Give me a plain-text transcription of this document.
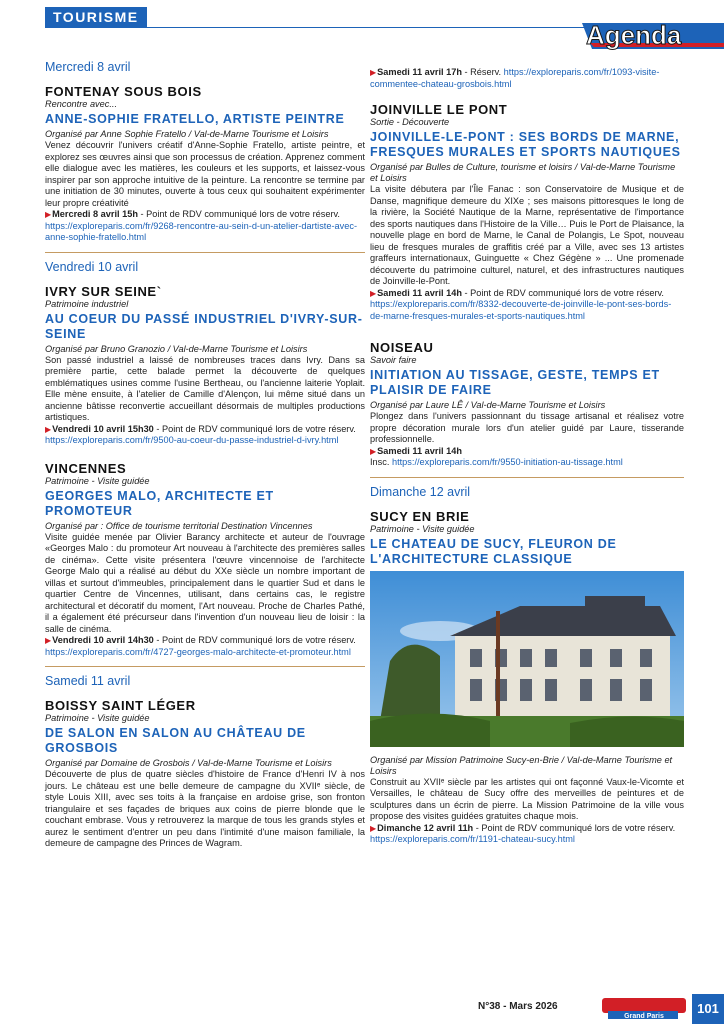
TOURISME
Agenda
Mercredi 8 avril
FONTENAY SOUS BOIS
Rencontre avec...
ANNE-SOPHIE FRATELLO, ARTISTE PEINTRE
Organisé par Anne Sophie Fratello / Val-de-Marne Tourisme et Loisirs
Venez découvrir l'univers créatif d'Anne-Sophie Fratello, artiste peintre, et explorez ses œuvres ainsi que son processus de création. Apprenez comment elle dialogue avec les matières, les couleurs et les supports, et laissez-vous inspirer par son approche intuitive de la peinture. La rencontre se termine par une initiation de 30 minutes, ouverte à tous ceux qui souhaitent expérimenter leur propre créativité
▶Mercredi 8 avril 15h - Point de RDV communiqué lors de votre réserv. https://exploreparis.com/fr/9268-rencontre-au-sein-d-un-atelier-dartiste-avec-anne-sophie-fratello.html
Vendredi 10 avril
IVRY SUR SEINE`
Patrimoine industriel
AU COEUR DU PASSÉ INDUSTRIEL D'IVRY-SUR-SEINE
Organisé par Bruno Granozio / Val-de-Marne Tourisme et Loisirs
Son passé industriel a laissé de nombreuses traces dans Ivry. Dans sa première partie, cette balade permet la découverte de quelques emblématiques usines comme l'usine Bertheau, ou l'ancienne laiterie Yoplait. Elle mène ensuite, à l'atelier de Camille d'Alençon, lui même situé dans un ancienne bâtisse reconvertie accueillant désormais de multiples productions artistiques.
▶Vendredi 10 avril 15h30 - Point de RDV communiqué lors de votre réserv. https://exploreparis.com/fr/9500-au-coeur-du-passe-industriel-d-ivry.html
VINCENNES
Patrimoine - Visite guidée
GEORGES MALO, ARCHITECTE ET PROMOTEUR
Organisé par : Office de tourisme territorial Destination Vincennes
Visite guidée menée par Olivier Barancy architecte et auteur de l'ouvrage «Georges Malo : du promoteur Art nouveau à l'architecte des premières salles de cinéma». Cette visite présentera l'œuvre vincennoise de l'architecte George Malo qui a réalisé au début du XXe siècle un nombre important de villas et surtout d'immeubles, principalement dans le quartier Sud et dans le quartier Centre de Vincennes, utilisant, dans certains cas, le registre architectural et décoratif du moment, l'Art nouveau. Proche de Charles Pathé, il a également été précurseur dans l'invention d'un nouveau lieu de loisir : la salle de cinéma.
▶Vendredi 10 avril 14h30 - Point de RDV communiqué lors de votre réserv. https://exploreparis.com/fr/4727-georges-malo-architecte-et-promoteur.html
Samedi 11 avril
BOISSY SAINT LÉGER
Patrimoine - Visite guidée
DE SALON EN SALON AU CHÂTEAU DE GROSBOIS
Organisé par Domaine de Grosbois / Val-de-Marne Tourisme et Loisirs
Découverte de plus de quatre siècles d'histoire de France d'Henri IV à nos jours. Le château est une belle demeure de campagne du XVIIᵉ siècle, de style Louis XIII, avec ses toits à la française en ardoise grise, son fronton triangulaire et ses façades de briques aux coins de pierre blonde que le couchant embrase. Vous y retrouverez la marque de tous les grands styles et aurez le sentiment d'entrer un peu dans l'intimité d'une maison familiale, la demeure de campagne des Princes de Wagram.
▶Samedi 11 avril 17h - Réserv. https://exploreparis.com/fr/1093-visite-commentee-chateau-grosbois.html
JOINVILLE LE PONT
Sortie - Découverte
JOINVILLE-LE-PONT : SES BORDS DE MARNE, FRESQUES MURALES ET SPORTS NAUTIQUES
Organisé par Bulles de Culture, tourisme et loisirs / Val-de-Marne Tourisme et Loisirs
La visite débutera par l'Île Fanac : son Conservatoire de Musique et de Danse, magnifique demeure du XIXe ; ses maisons pittoresques le long de la rivière, la Société Nautique de la Marne, représentative de l'importance des sports nautiques dans l'Histoire de la Ville… Puis le Port de Plaisance, la nouvelle plage en bord de Marne, le Canal de Polangis, Le Spot, nouveau lieu de fresques murales de graffitis créé par a Ville, avec ses 13 artistes graffeurs internationaux, Guinguette « Chez Gégène » ... Une promenade découverte du patrimoine culturel, naturel, et des infrastructures nautiques de Joinville-le-Pont.
▶Samedi 11 avril 14h - Point de RDV communiqué lors de votre réserv. https://exploreparis.com/fr/8332-decouverte-de-joinville-le-pont-ses-bords-de-marne-fresques-murales-et-sports-nautiques.html
NOISEAU
Savoir faire
INITIATION AU TISSAGE, GESTE, TEMPS ET PLAISIR DE FAIRE
Organisé par Laure LÊ / Val-de-Marne Tourisme et Loisirs
Plongez dans l'univers passionnant du tissage artisanal et réalisez votre propre décoration murale lors d'un atelier guidé par Laure, tisserande professionnelle.
▶Samedi 11 avril 14h
Insc. https://exploreparis.com/fr/9550-initiation-au-tissage.html
Dimanche 12 avril
SUCY EN BRIE
Patrimoine - Visite guidée
LE CHATEAU DE SUCY, FLEURON DE L'ARCHITECTURE CLASSIQUE
Organisé par Mission Patrimoine Sucy-en-Brie / Val-de-Marne Tourisme et Loisirs
Construit au XVIIᵉ siècle par les artistes qui ont façonné Vaux-le-Vicomte et Versailles, le château de Sucy offre des merveilles de peintures et de sculptures dans un écrin de pierre. La Mission Patrimoine de la ville vous propose des visites guidées gratuites chaque mois.
▶Dimanche 12 avril 11h - Point de RDV communiqué lors de votre réserv. https://exploreparis.com/fr/1191-chateau-sucy.html
N°38 - Mars 2026
Grand Paris
101
